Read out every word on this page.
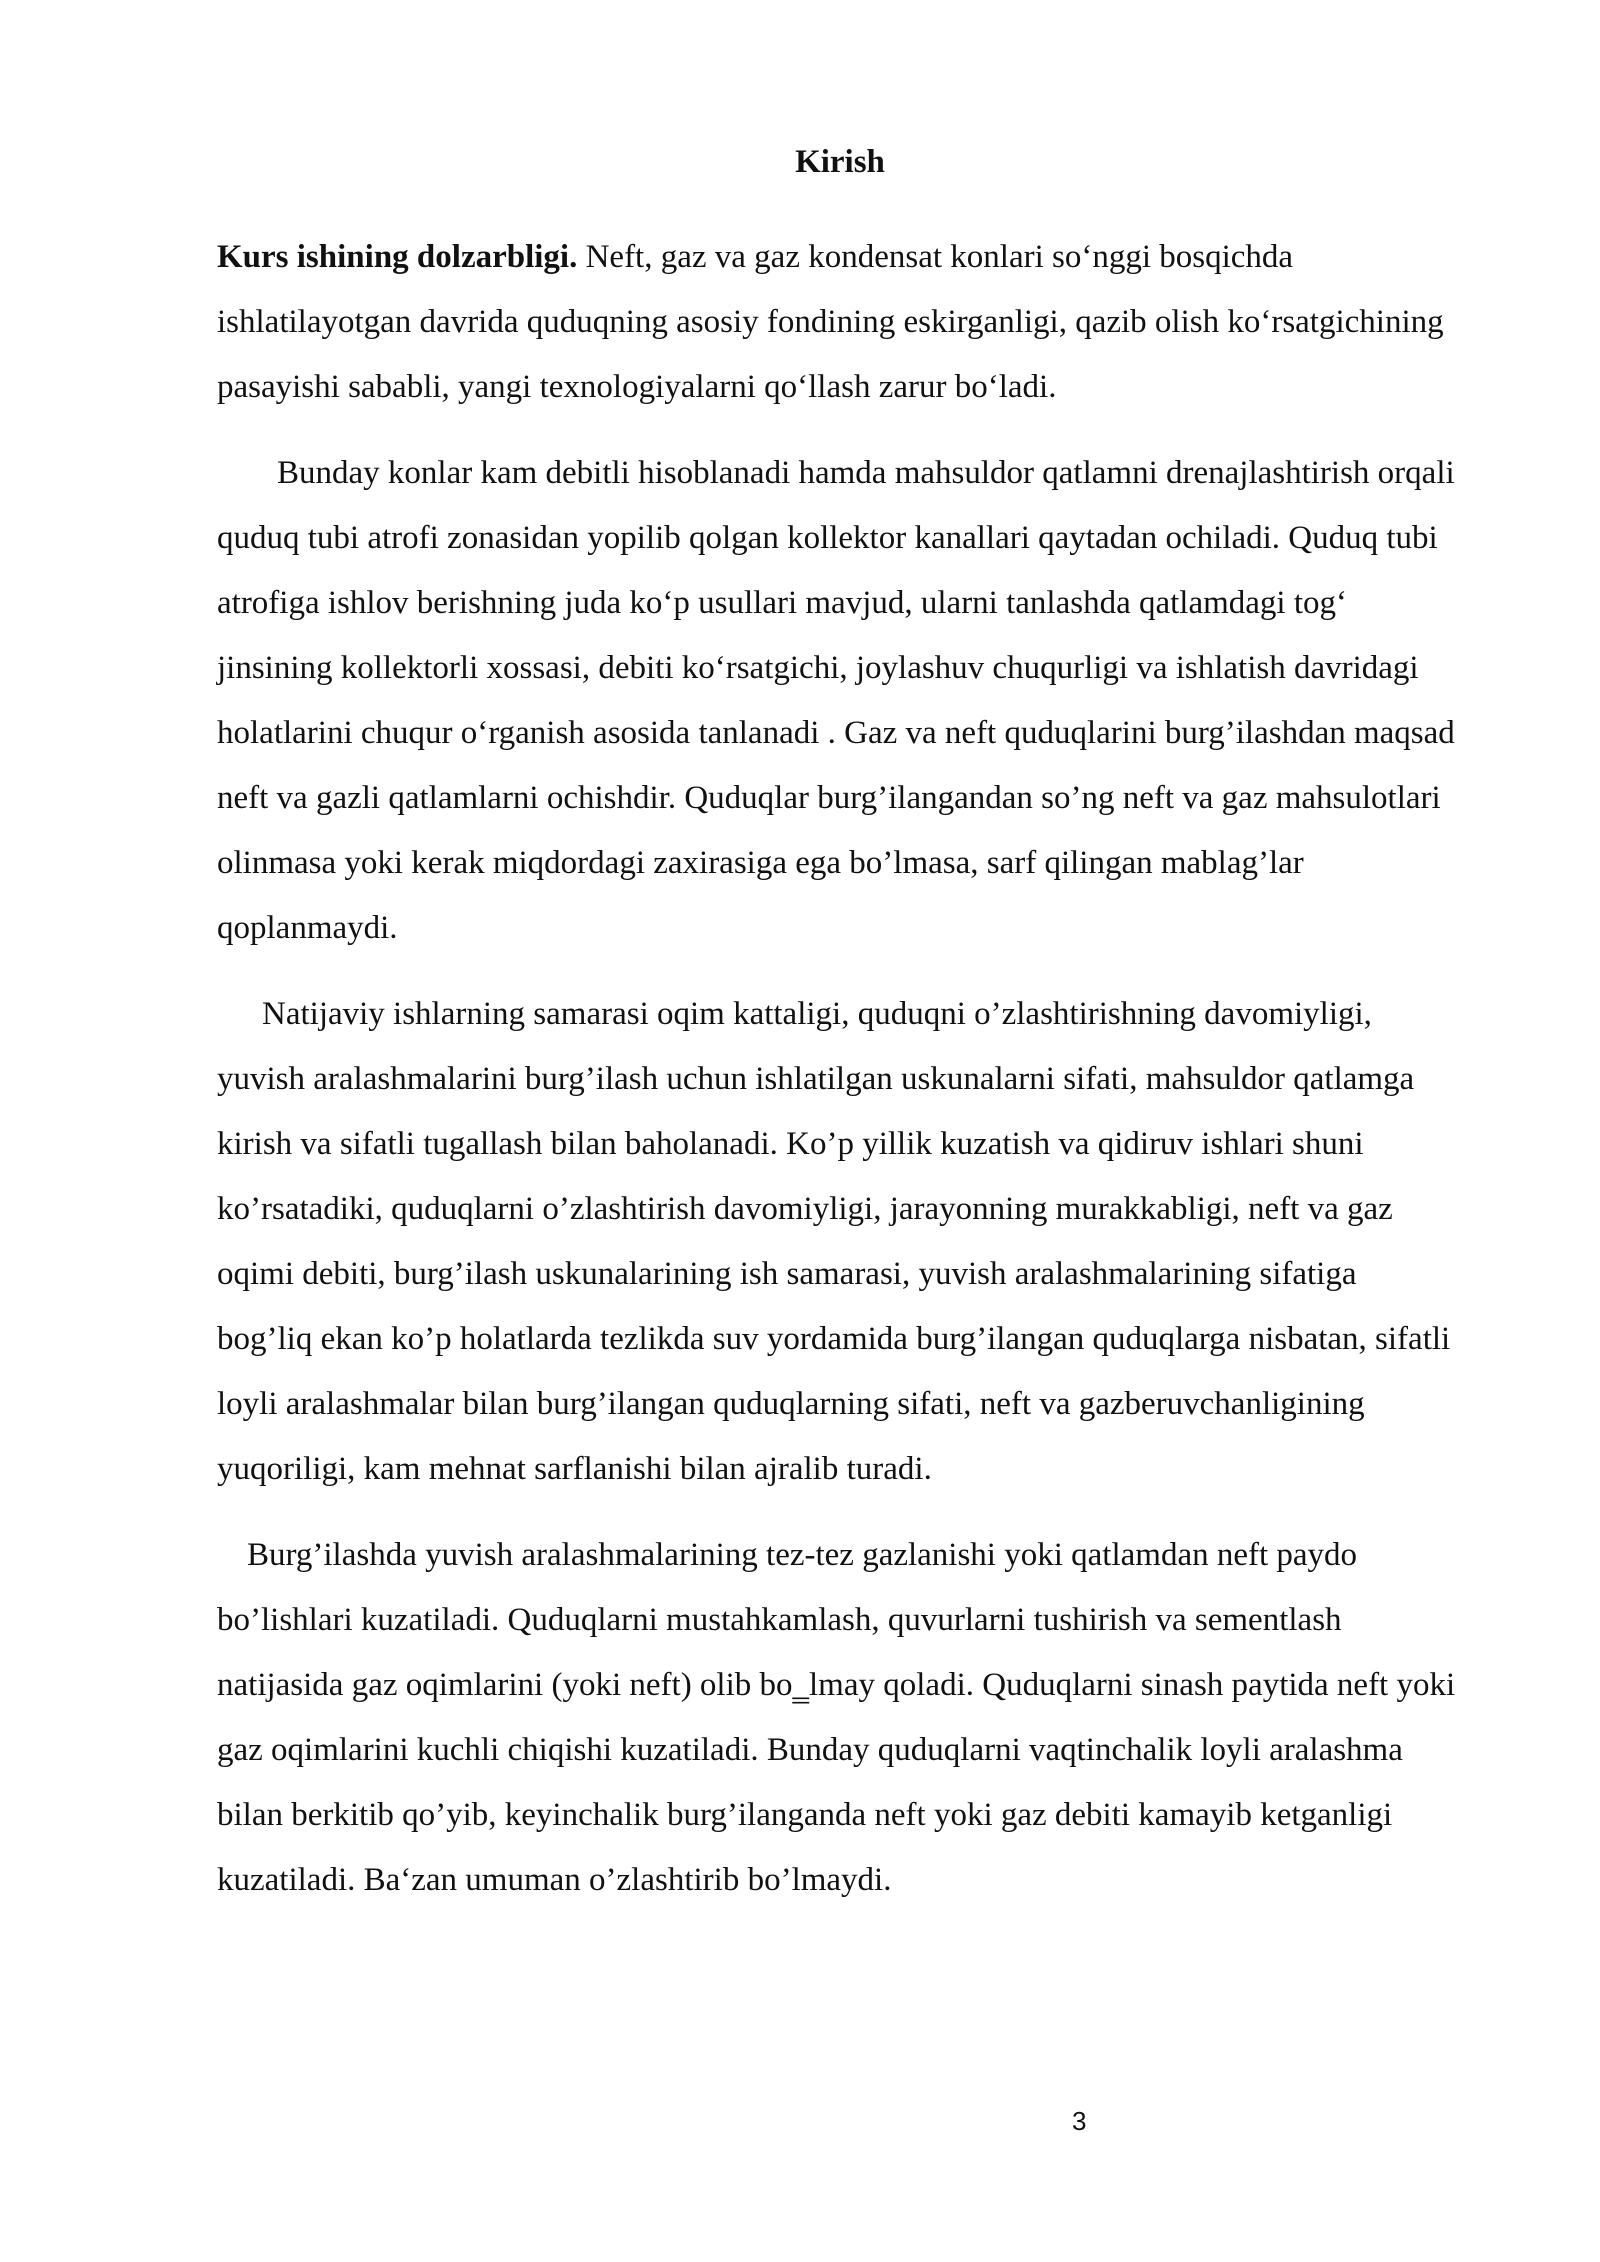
Kirish

Kurs ishining dolzarbligi. Neft, gaz va gaz kondensat konlari so‘nggi bosqichda ishlatilayotgan davrida quduqning asosiy fondining eskirganligi, qazib olish ko‘rsatgichining pasayishi sababli, yangi texnologiyalarni qo‘llash zarur bo‘ladi.

Bunday konlar kam debitli hisoblanadi hamda mahsuldor qatlamni drenajlashtirish orqali quduq tubi atrofi zonasidan yopilib qolgan kollektor kanallari qaytadan ochiladi. Quduq tubi atrofiga ishlov berishning juda ko‘p usullari mavjud, ularni tanlashda qatlamdagi tog‘ jinsining kollektorli xossasi, debiti ko‘rsatgichi, joylashuv chuqurligi va ishlatish davridagi holatlarini chuqur o‘rganish asosida tanlanadi . Gaz va neft quduqlarini burg’ilashdan maqsad neft va gazli qatlamlarni ochishdir. Quduqlar burg’ilangandan so’ng neft va gaz mahsulotlari olinmasa yoki kerak miqdordagi zaxirasiga ega bo’lmasa, sarf qilingan mablag’lar qoplanmaydi.

Natijaviy ishlarning samarasi oqim kattaligi, quduqni o’zlashtirishning davomiyligi, yuvish aralashmalarini burg’ilash uchun ishlatilgan uskunalarni sifati, mahsuldor qatlamga kirish va sifatli tugallash bilan baholanadi. Ko’p yillik kuzatish va qidiruv ishlari shuni ko’rsatadiki, quduqlarni o’zlashtirish davomiyligi, jarayonning murakkabligi, neft va gaz oqimi debiti, burg’ilash uskunalarining ish samarasi, yuvish aralashmalarining sifatiga bog’liq ekan ko’p holatlarda tezlikda suv yordamida burg’ilangan quduqlarga nisbatan, sifatli loyli aralashmalar bilan burg’ilangan quduqlarning sifati, neft va gazberuvchanligining yuqoriligi, kam mehnat sarflanishi bilan ajralib turadi.

Burg’ilashda yuvish aralashmalarining tez-tez gazlanishi yoki qatlamdan neft paydo bo’lishlari kuzatiladi. Quduqlarni mustahkamlash, quvurlarni tushirish va sementlash natijasida gaz oqimlarini (yoki neft) olib bo‗lmay qoladi. Quduqlarni sinash paytida neft yoki gaz oqimlarini kuchli chiqishi kuzatiladi. Bunday quduqlarni vaqtinchalik loyli aralashma bilan berkitib qo’yib, keyinchalik burg’ilanganda neft yoki gaz debiti kamayib ketganligi kuzatiladi. Ba‘zan umuman o’zlashtirib bo’lmaydi.

3
